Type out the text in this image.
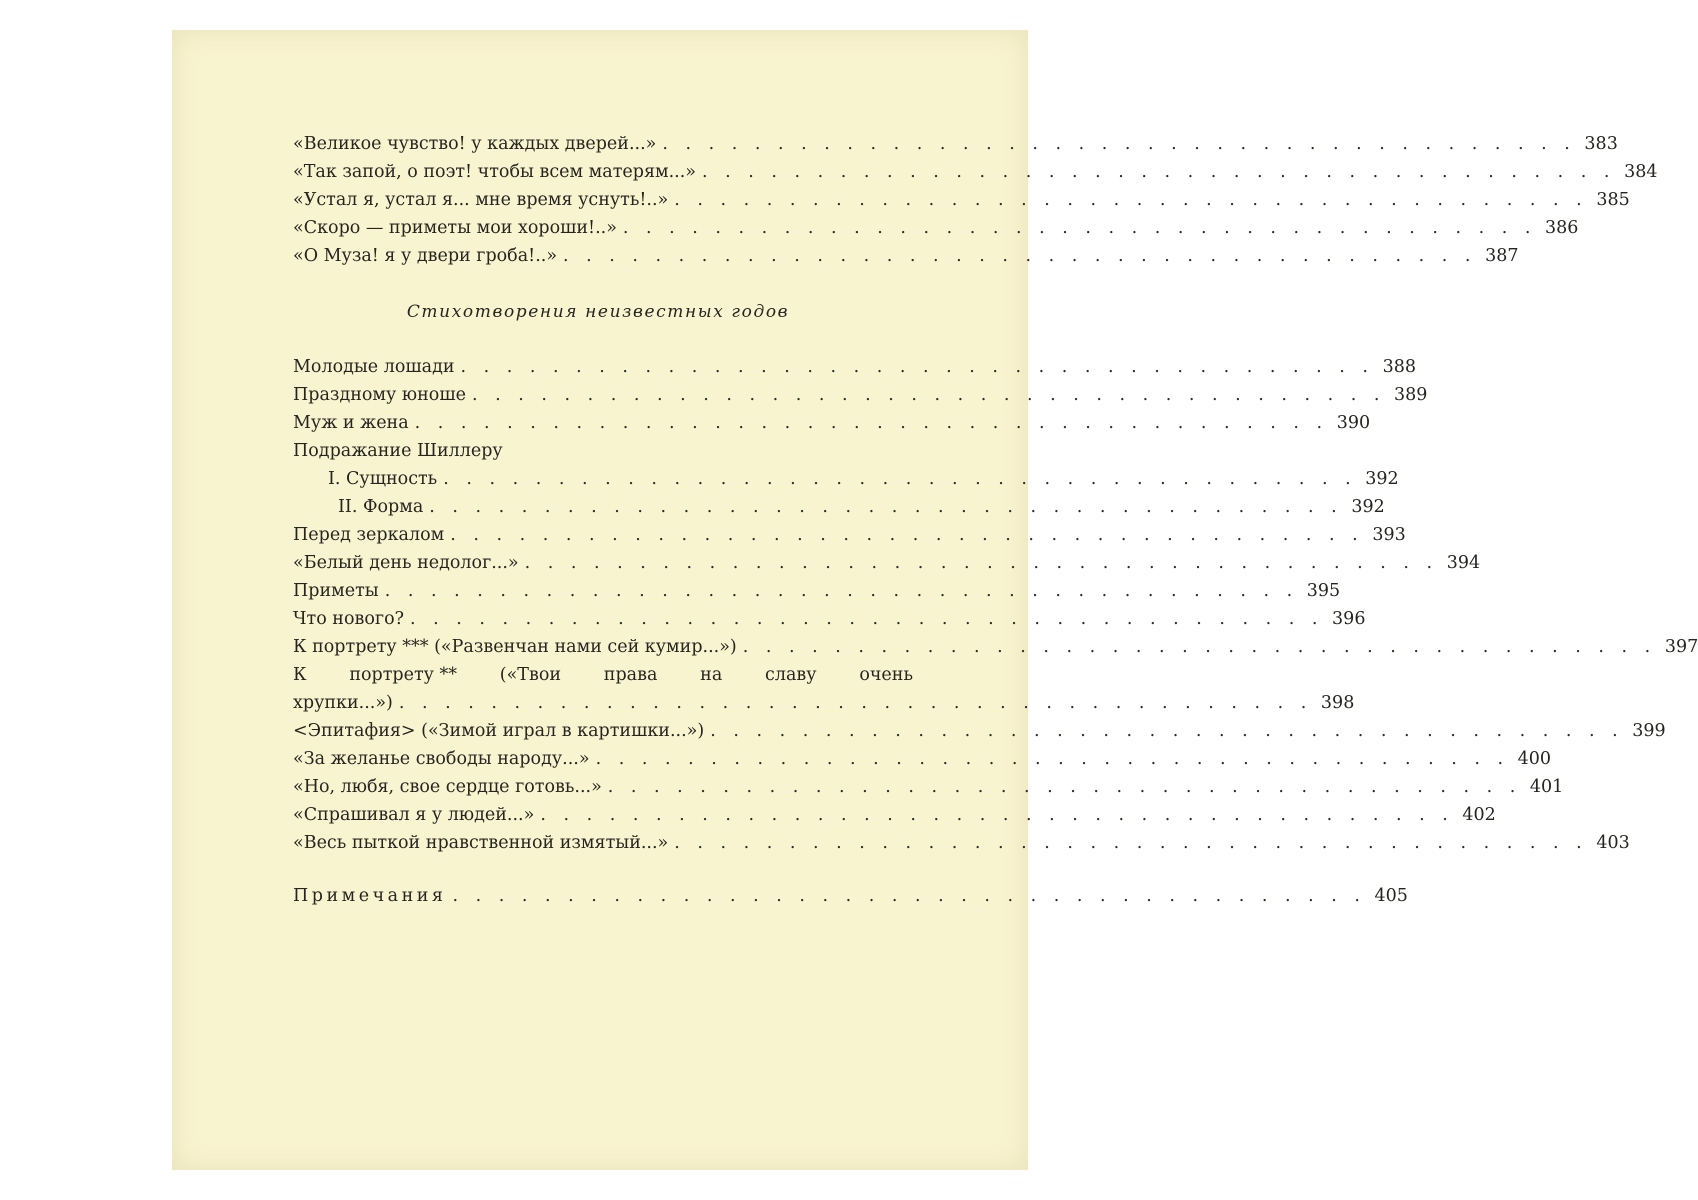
«Великое чувство! у каждых дверей...» . . . . . . . . . . . . . . . . . . . . . . . . . . . . . . . . . . . . . . . . 383
«Так запой, о поэт! чтобы всем матерям...» . . . . . . . . . . . . . . . . . . . . . . . . . . . . . . . . . . . . . . . . 384
«Устал я, устал я... мне время уснуть!..» . . . . . . . . . . . . . . . . . . . . . . . . . . . . . . . . . . . . . . . . 385
«Скоро — приметы мои хороши!..» . . . . . . . . . . . . . . . . . . . . . . . . . . . . . . . . . . . . . . . . 386
«О Муза! я у двери гроба!..» . . . . . . . . . . . . . . . . . . . . . . . . . . . . . . . . . . . . . . . . 387
Стихотворения неизвестных годов
Молодые лошади . . . . . . . . . . . . . . . . . . . . . . . . . . . . . . . . . . . . . . . . 388
Праздному юноше . . . . . . . . . . . . . . . . . . . . . . . . . . . . . . . . . . . . . . . . 389
Муж и жена . . . . . . . . . . . . . . . . . . . . . . . . . . . . . . . . . . . . . . . . 390
Подражание Шиллеру
I. Сущность . . . . . . . . . . . . . . . . . . . . . . . . . . . . . . . . . . . . . . . . 392
II. Форма . . . . . . . . . . . . . . . . . . . . . . . . . . . . . . . . . . . . . . . . 392
Перед зеркалом . . . . . . . . . . . . . . . . . . . . . . . . . . . . . . . . . . . . . . . . 393
«Белый день недолог...» . . . . . . . . . . . . . . . . . . . . . . . . . . . . . . . . . . . . . . . . 394
Приметы . . . . . . . . . . . . . . . . . . . . . . . . . . . . . . . . . . . . . . . . 395
Что нового? . . . . . . . . . . . . . . . . . . . . . . . . . . . . . . . . . . . . . . . . 396
К портрету *** («Развенчан нами сей кумир...») . . . . . . . . . . . . . . . . . . . . . . . . . . . . . . . . . . . . . . . . 397
К портрету ** («Твои права на славу очень
хрупки...») . . . . . . . . . . . . . . . . . . . . . . . . . . . . . . . . . . . . . . . . 398
<Эпитафия> («Зимой играл в картишки...») . . . . . . . . . . . . . . . . . . . . . . . . . . . . . . . . . . . . . . . . 399
«За желанье свободы народу...» . . . . . . . . . . . . . . . . . . . . . . . . . . . . . . . . . . . . . . . . 400
«Но, любя, свое сердце готовь...» . . . . . . . . . . . . . . . . . . . . . . . . . . . . . . . . . . . . . . . . 401
«Спрашивал я у людей...» . . . . . . . . . . . . . . . . . . . . . . . . . . . . . . . . . . . . . . . . 402
«Весь пыткой нравственной измятый...» . . . . . . . . . . . . . . . . . . . . . . . . . . . . . . . . . . . . . . . . 403
Примечания . . . . . . . . . . . . . . . . . . . . . . . . . . . . . . . . . . . . . . . . 405
